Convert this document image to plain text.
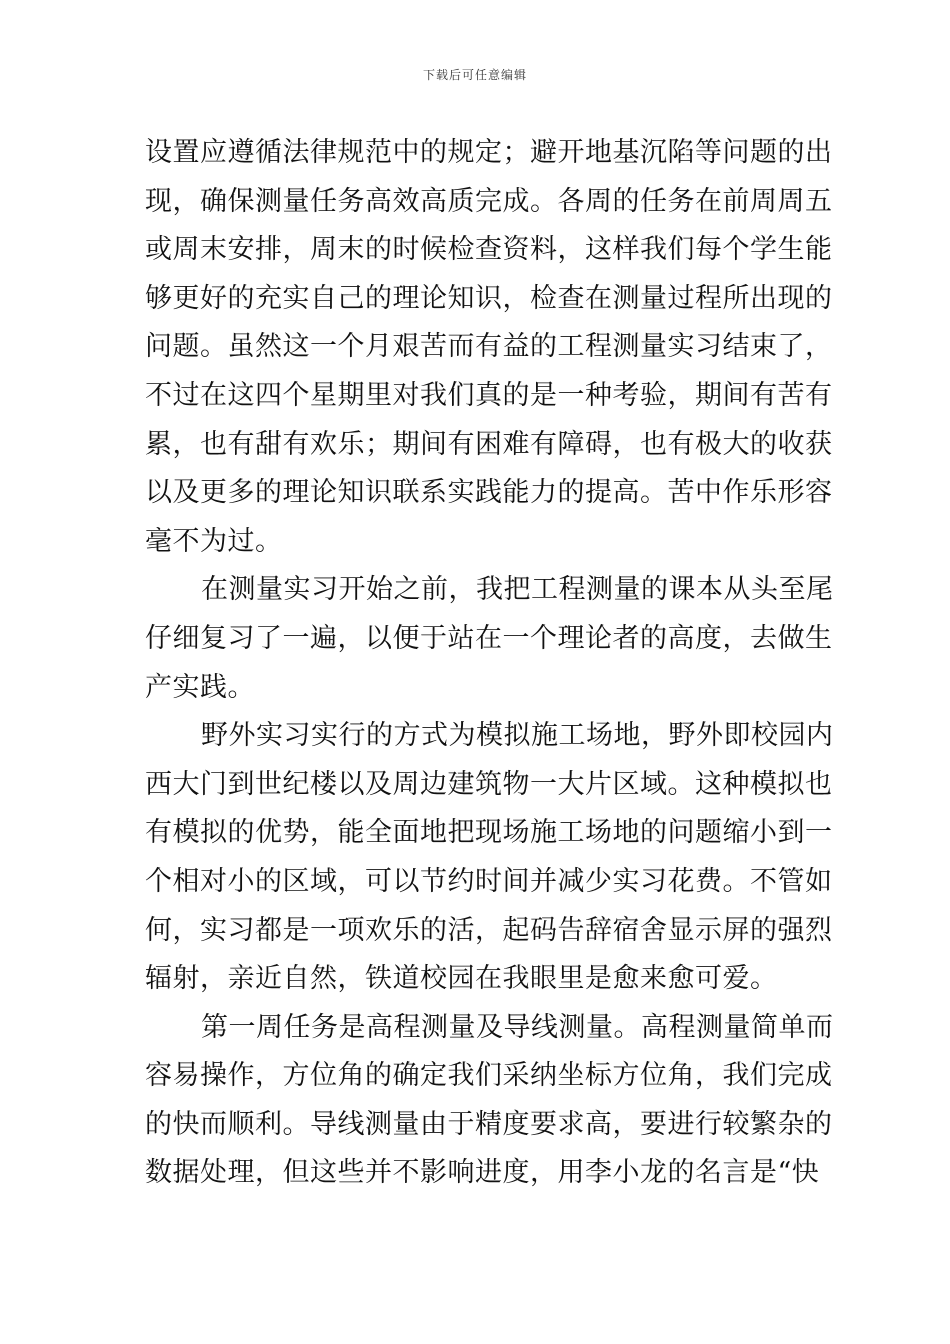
下载后可任意编辑
设置应遵循法律规范中的规定；避开地基沉陷等问题的出
现，确保测量任务高效高质完成。各周的任务在前周周五
或周末安排，周末的时候检查资料，这样我们每个学生能
够更好的充实自己的理论知识，检查在测量过程所出现的
问题。虽然这一个月艰苦而有益的工程测量实习结束了，
不过在这四个星期里对我们真的是一种考验，期间有苦有
累，也有甜有欢乐；期间有困难有障碍，也有极大的收获
以及更多的理论知识联系实践能力的提高。苦中作乐形容
毫不为过。
在测量实习开始之前，我把工程测量的课本从头至尾
仔细复习了一遍，以便于站在一个理论者的高度，去做生
产实践。
野外实习实行的方式为模拟施工场地，野外即校园内
西大门到世纪楼以及周边建筑物一大片区域。这种模拟也
有模拟的优势，能全面地把现场施工场地的问题缩小到一
个相对小的区域，可以节约时间并减少实习花费。不管如
何，实习都是一项欢乐的活，起码告辞宿舍显示屏的强烈
辐射，亲近自然，铁道校园在我眼里是愈来愈可爱。
第一周任务是高程测量及导线测量。高程测量简单而
容易操作，方位角的确定我们采纳坐标方位角，我们完成
的快而顺利。导线测量由于精度要求高，要进行较繁杂的
数据处理，但这些并不影响进度，用李小龙的名言是“快
